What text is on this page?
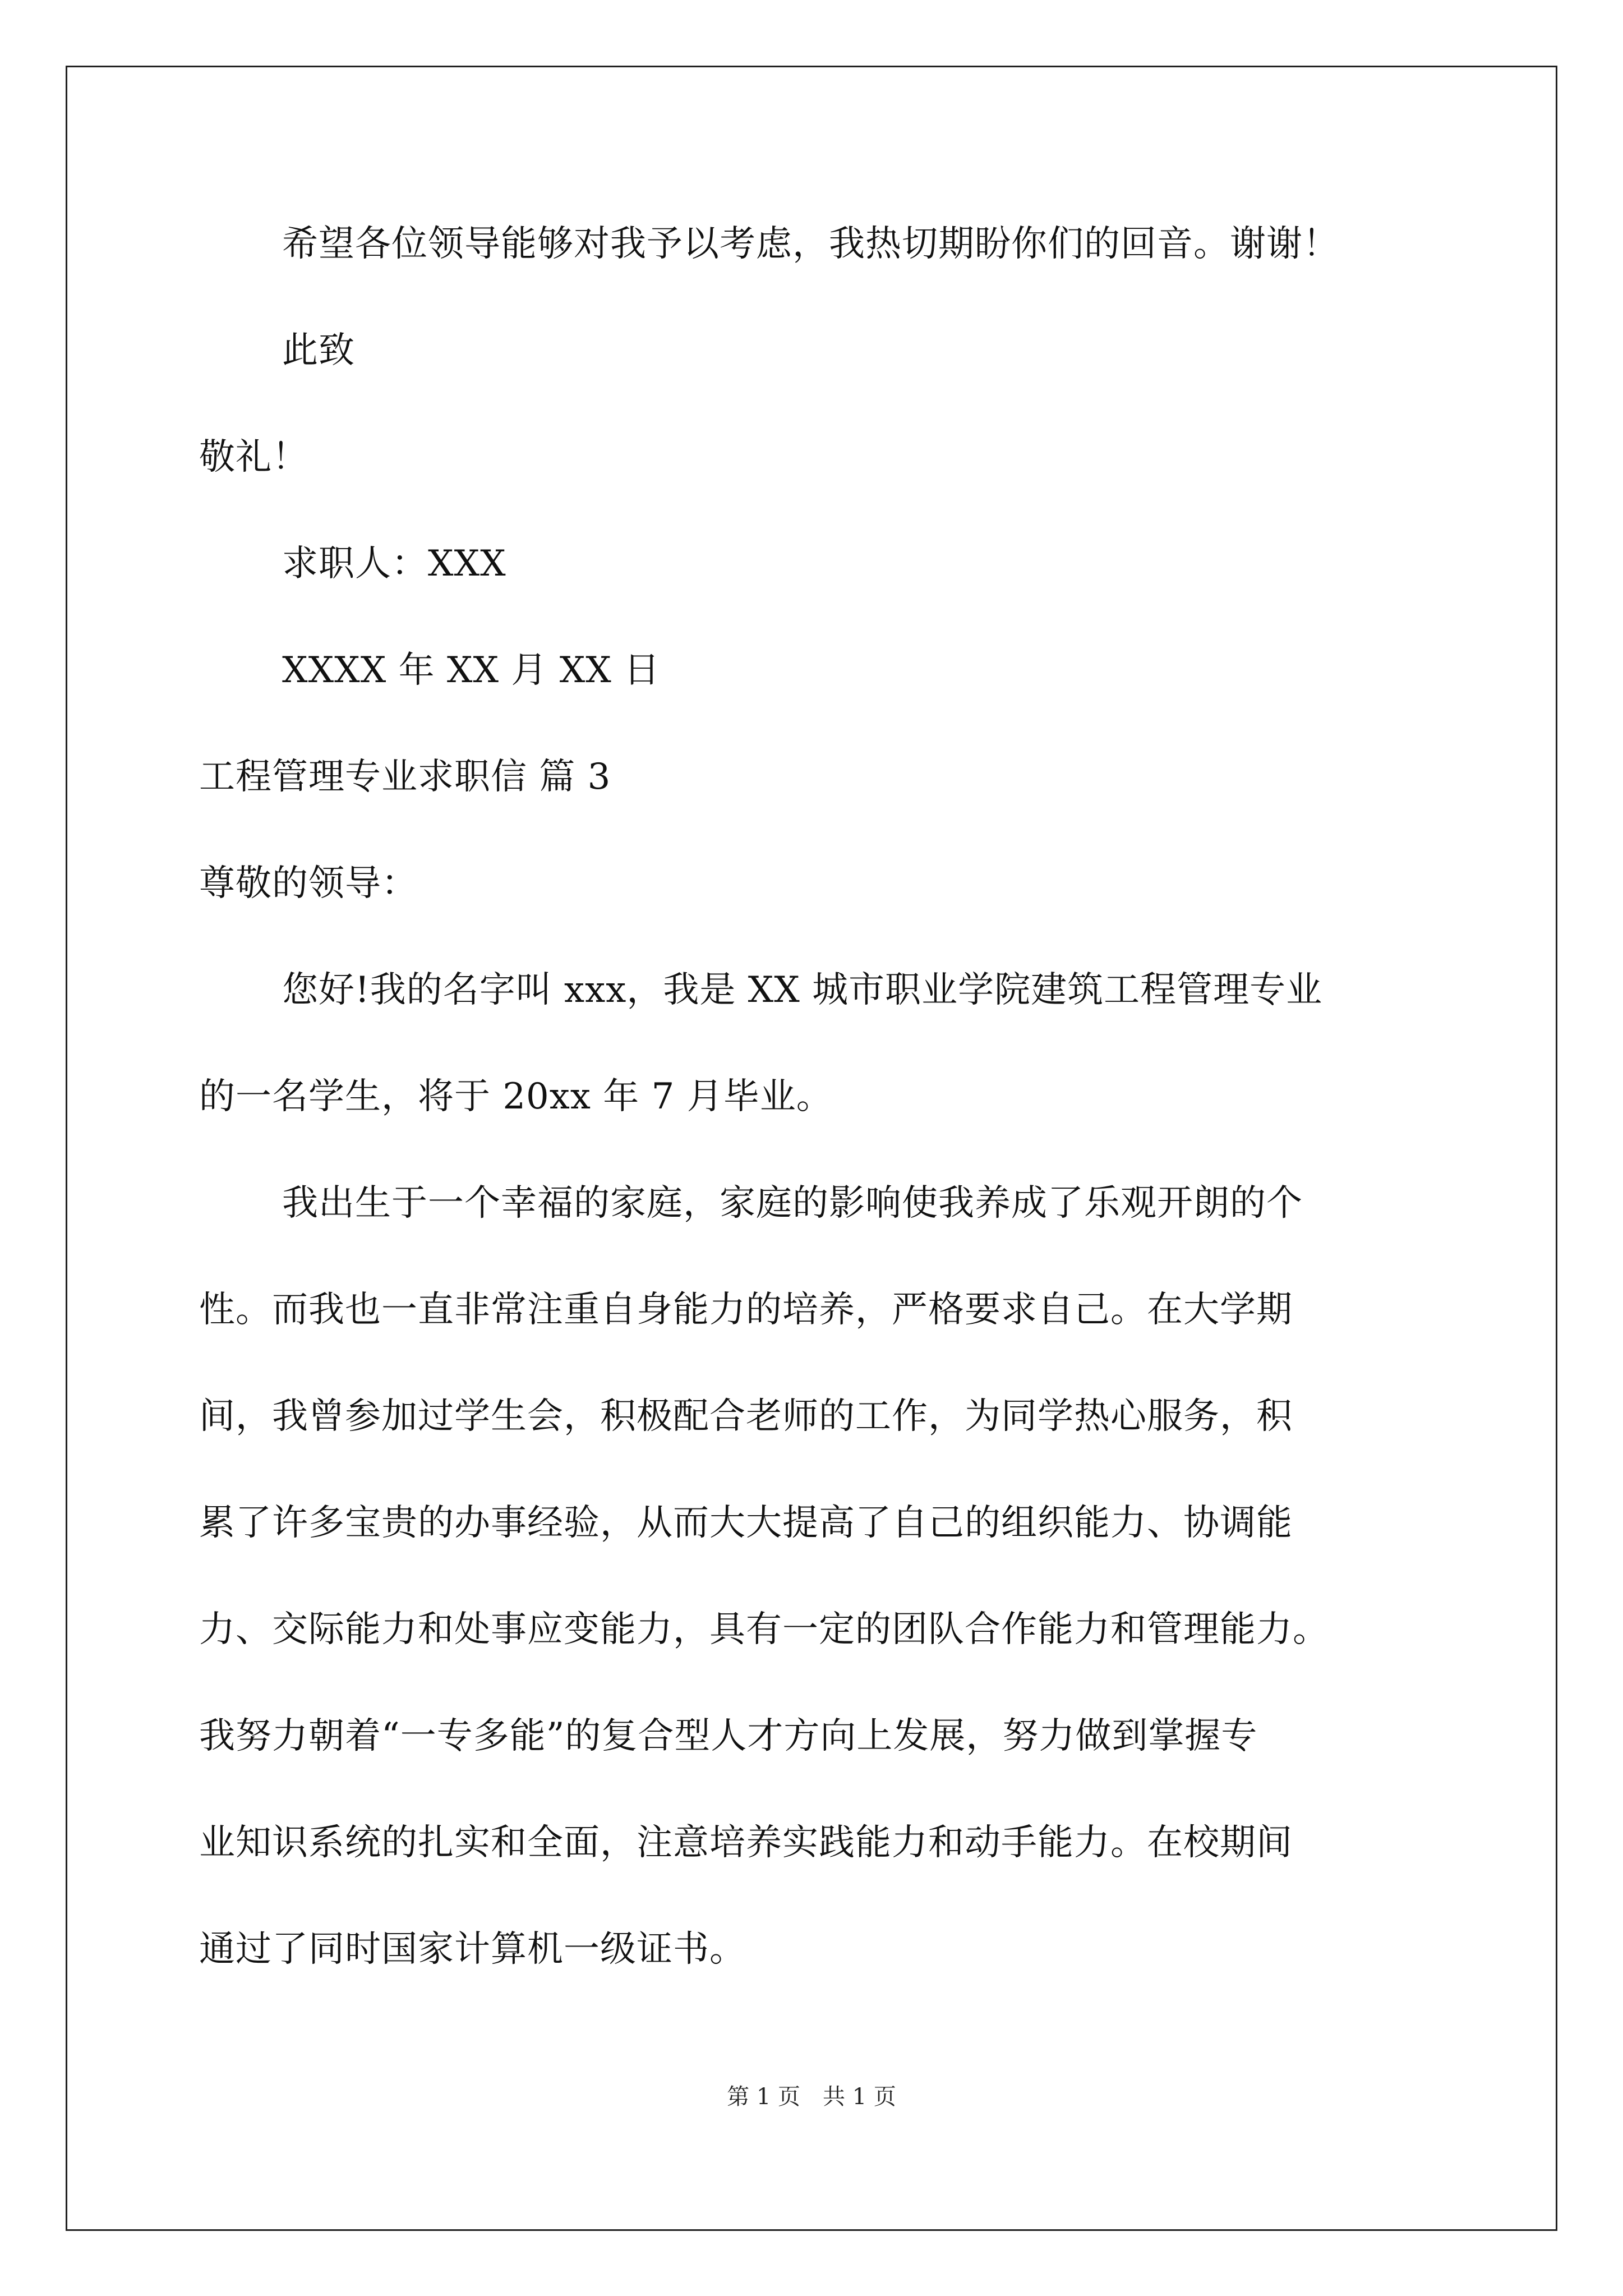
希望各位领导能够对我予以考虑，我热切期盼你们的回音。谢谢！
此致
敬礼！
求职人：XXX
XXXX 年 XX 月 XX 日
工程管理专业求职信 篇 3
尊敬的领导：
您好!我的名字叫 xxx，我是 XX 城市职业学院建筑工程管理专业
的一名学生，将于 20xx 年 7 月毕业。
我出生于一个幸福的家庭，家庭的影响使我养成了乐观开朗的个
性。而我也一直非常注重自身能力的培养，严格要求自己。在大学期
间，我曾参加过学生会，积极配合老师的工作，为同学热心服务，积
累了许多宝贵的办事经验，从而大大提高了自己的组织能力、协调能
力、交际能力和处事应变能力，具有一定的团队合作能力和管理能力。
我努力朝着“一专多能”的复合型人才方向上发展，努力做到掌握专
业知识系统的扎实和全面，注意培养实践能力和动手能力。在校期间
通过了同时国家计算机一级证书。
第 1 页　共 1 页
